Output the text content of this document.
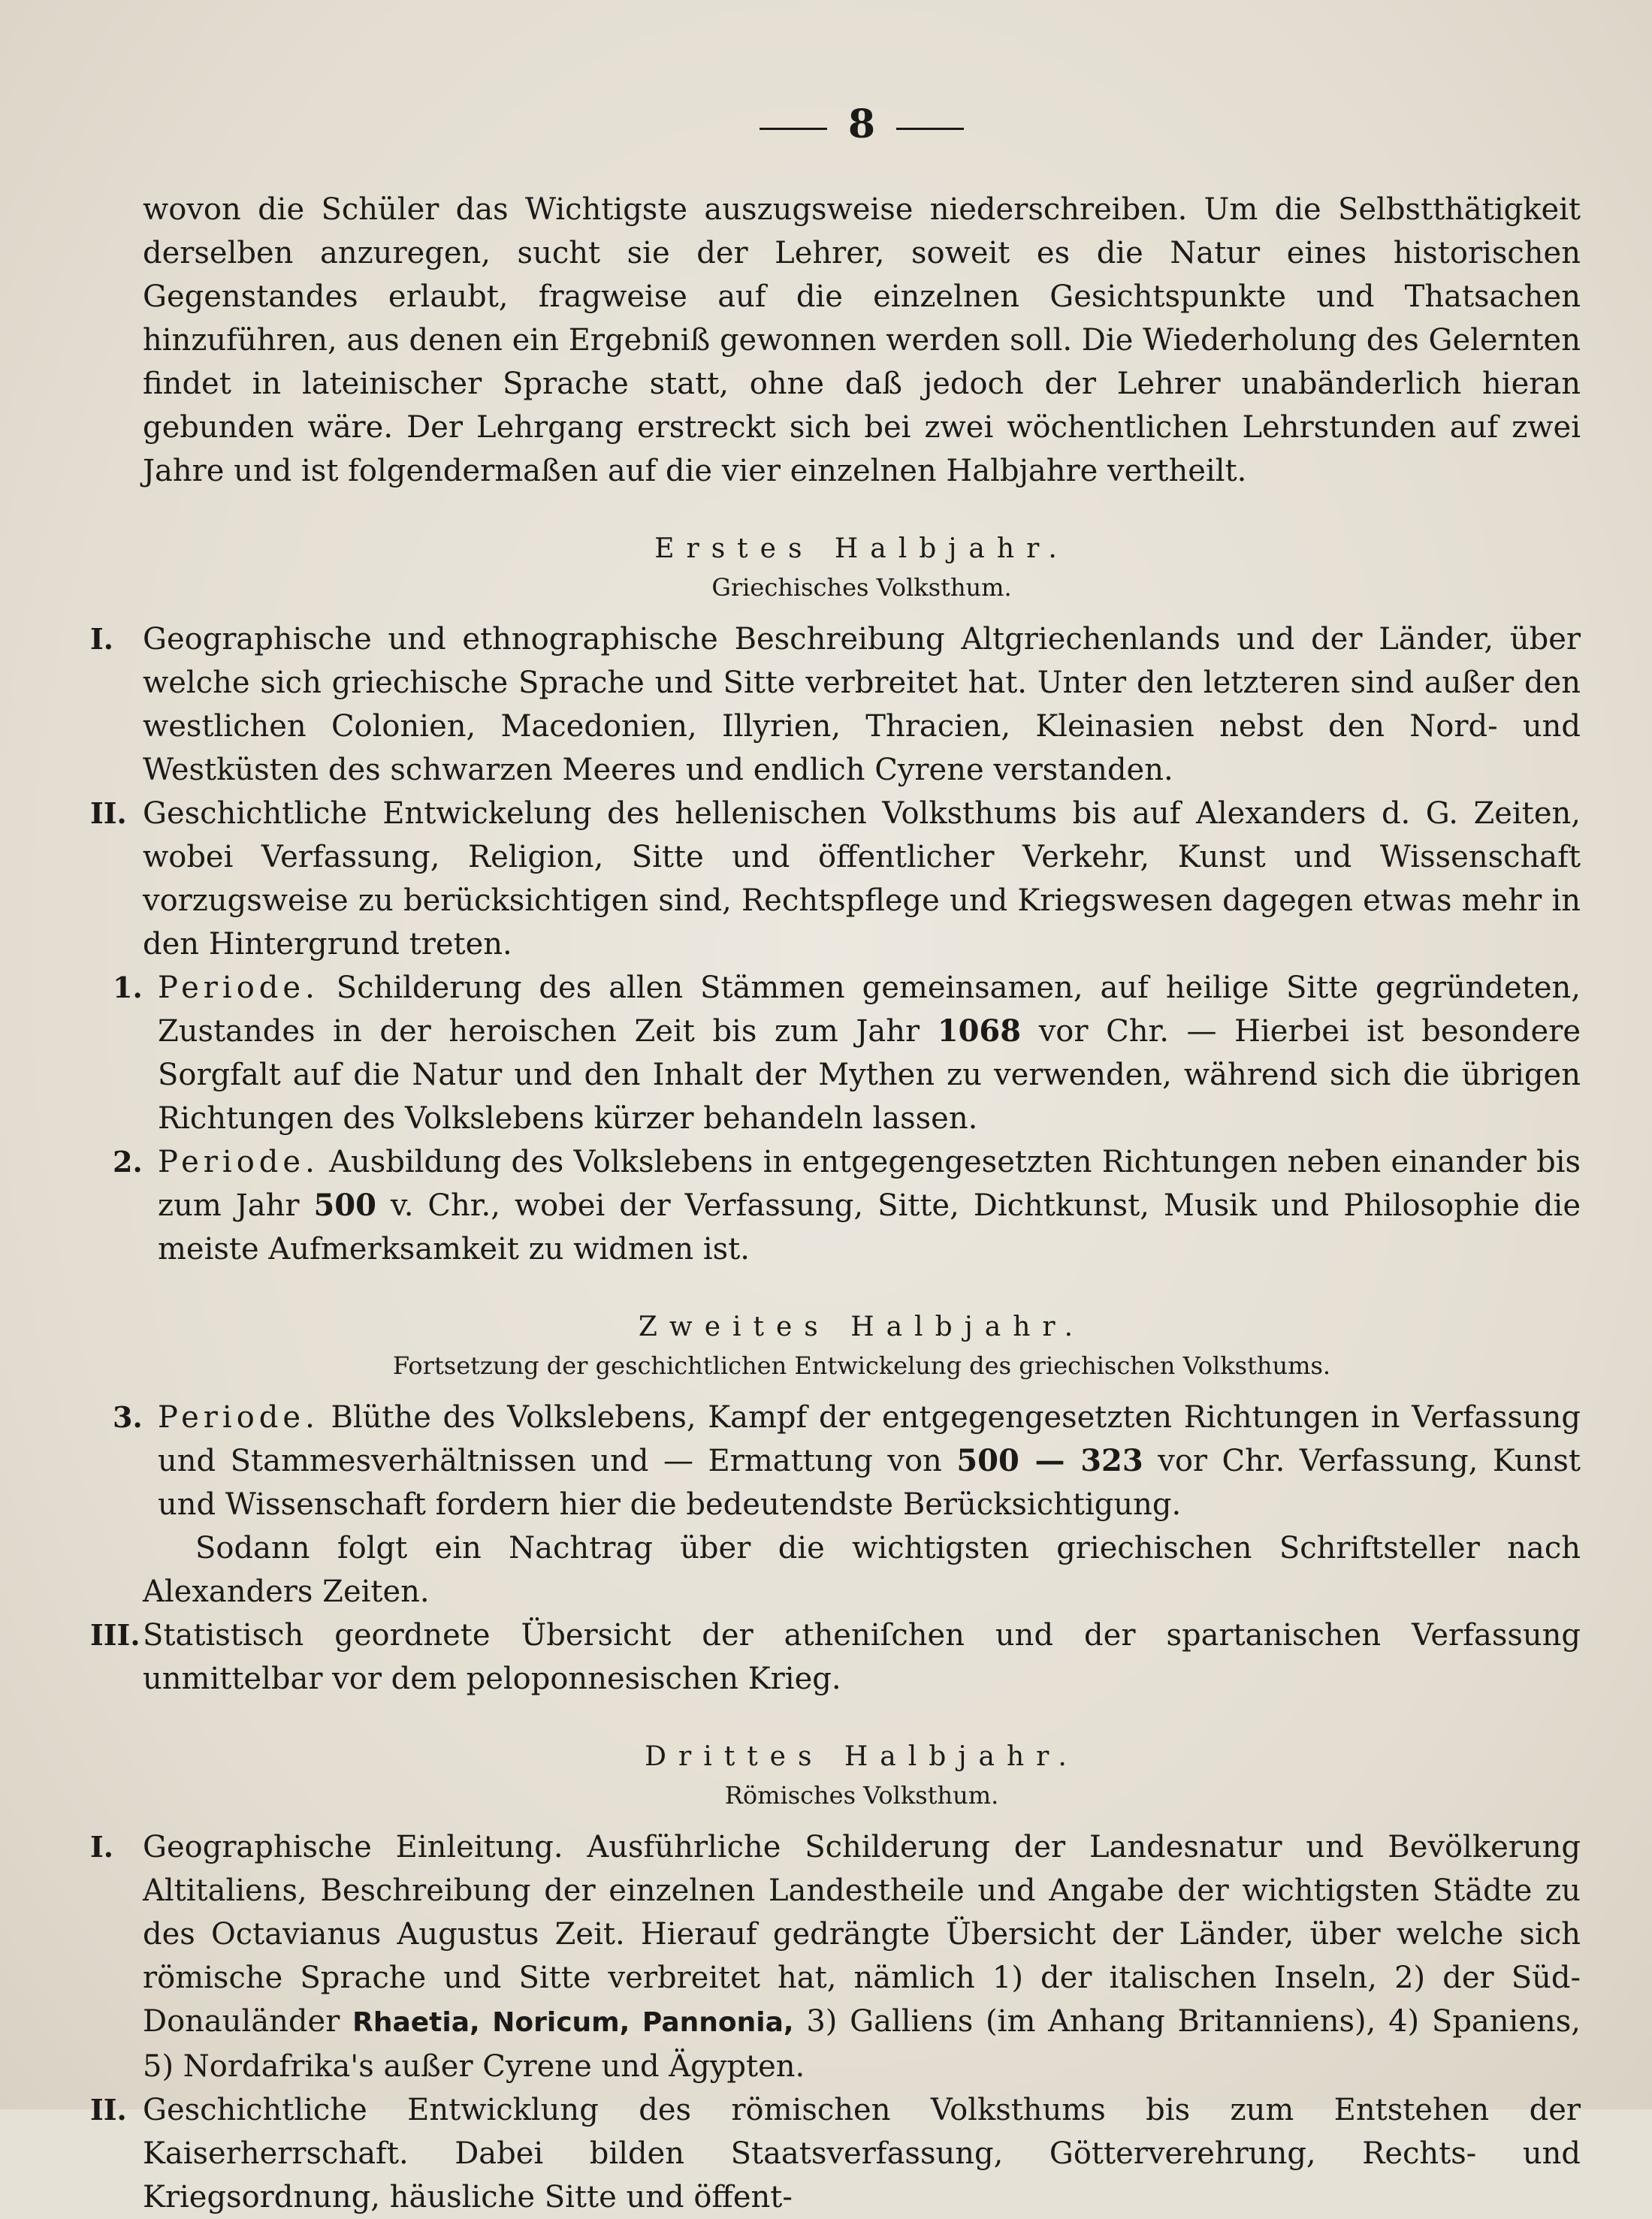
8

wovon die Schüler das Wichtigste auszugsweise niederschreiben. Um die Selbstthätigkeit derselben anzuregen, sucht sie der Lehrer, soweit es die Natur eines historischen Gegenstandes erlaubt, fragweise auf die einzelnen Gesichtspunkte und Thatsachen hinzuführen, aus denen ein Ergebniß gewonnen werden soll. Die Wiederholung des Gelernten findet in lateinischer Sprache statt, ohne daß jedoch der Lehrer unabänderlich hieran gebunden wäre. Der Lehrgang erstreckt sich bei zwei wöchentlichen Lehrstunden auf zwei Jahre und ist folgendermaßen auf die vier einzelnen Halbjahre vertheilt.

Erstes Halbjahr.
Griechisches Volksthum.
I. Geographische und ethnographische Beschreibung Altgriechenlands und der Länder, über welche sich griechische Sprache und Sitte verbreitet hat. Unter den letzteren sind außer den westlichen Colonien, Macedonien, Illyrien, Thracien, Kleinasien nebst den Nord- und Westküsten des schwarzen Meeres und endlich Cyrene verstanden.
II. Geschichtliche Entwickelung des hellenischen Volksthums bis auf Alexanders d. G. Zeiten, wobei Verfassung, Religion, Sitte und öffentlicher Verkehr, Kunst und Wissenschaft vorzugsweise zu berücksichtigen sind, Rechtspflege und Kriegswesen dagegen etwas mehr in den Hintergrund treten.
1. Periode. Schilderung des allen Stämmen gemeinsamen, auf heilige Sitte gegründeten, Zustandes in der heroischen Zeit bis zum Jahr 1068 vor Chr. — Hierbei ist besondere Sorgfalt auf die Natur und den Inhalt der Mythen zu verwenden, während sich die übrigen Richtungen des Volkslebens kürzer behandeln lassen.
2. Periode. Ausbildung des Volkslebens in entgegengesetzten Richtungen neben einander bis zum Jahr 500 v. Chr., wobei der Verfassung, Sitte, Dichtkunst, Musik und Philosophie die meiste Aufmerksamkeit zu widmen ist.
Zweites Halbjahr.
Fortsetzung der geschichtlichen Entwickelung des griechischen Volksthums.
3. Periode. Blüthe des Volkslebens, Kampf der entgegengesetzten Richtungen in Verfassung und Stammesverhältnissen und — Ermattung von 500 — 323 vor Chr. Verfassung, Kunst und Wissenschaft fordern hier die bedeutendste Berücksichtigung.

Sodann folgt ein Nachtrag über die wichtigsten griechischen Schriftsteller nach Alexanders Zeiten.

III. Statistisch geordnete Übersicht der atheniſchen und der spartanischen Verfassung unmittelbar vor dem peloponnesischen Krieg.
Drittes Halbjahr.
Römisches Volksthum.
I. Geographische Einleitung. Ausführliche Schilderung der Landesnatur und Bevölkerung Altitaliens, Beschreibung der einzelnen Landestheile und Angabe der wichtigsten Städte zu des Octavianus Augustus Zeit. Hierauf gedrängte Übersicht der Länder, über welche sich römische Sprache und Sitte verbreitet hat, nämlich 1) der italischen Inseln, 2) der Süd-Donauländer Rhaetia, Noricum, Pannonia, 3) Galliens (im Anhang Britanniens), 4) Spaniens, 5) Nordafrika's außer Cyrene und Ägypten.
II. Geschichtliche Entwicklung des römischen Volksthums bis zum Entstehen der Kaiserherrschaft. Dabei bilden Staatsverfassung, Götterverehrung, Rechts- und Kriegsordnung, häusliche Sitte und öffent-
